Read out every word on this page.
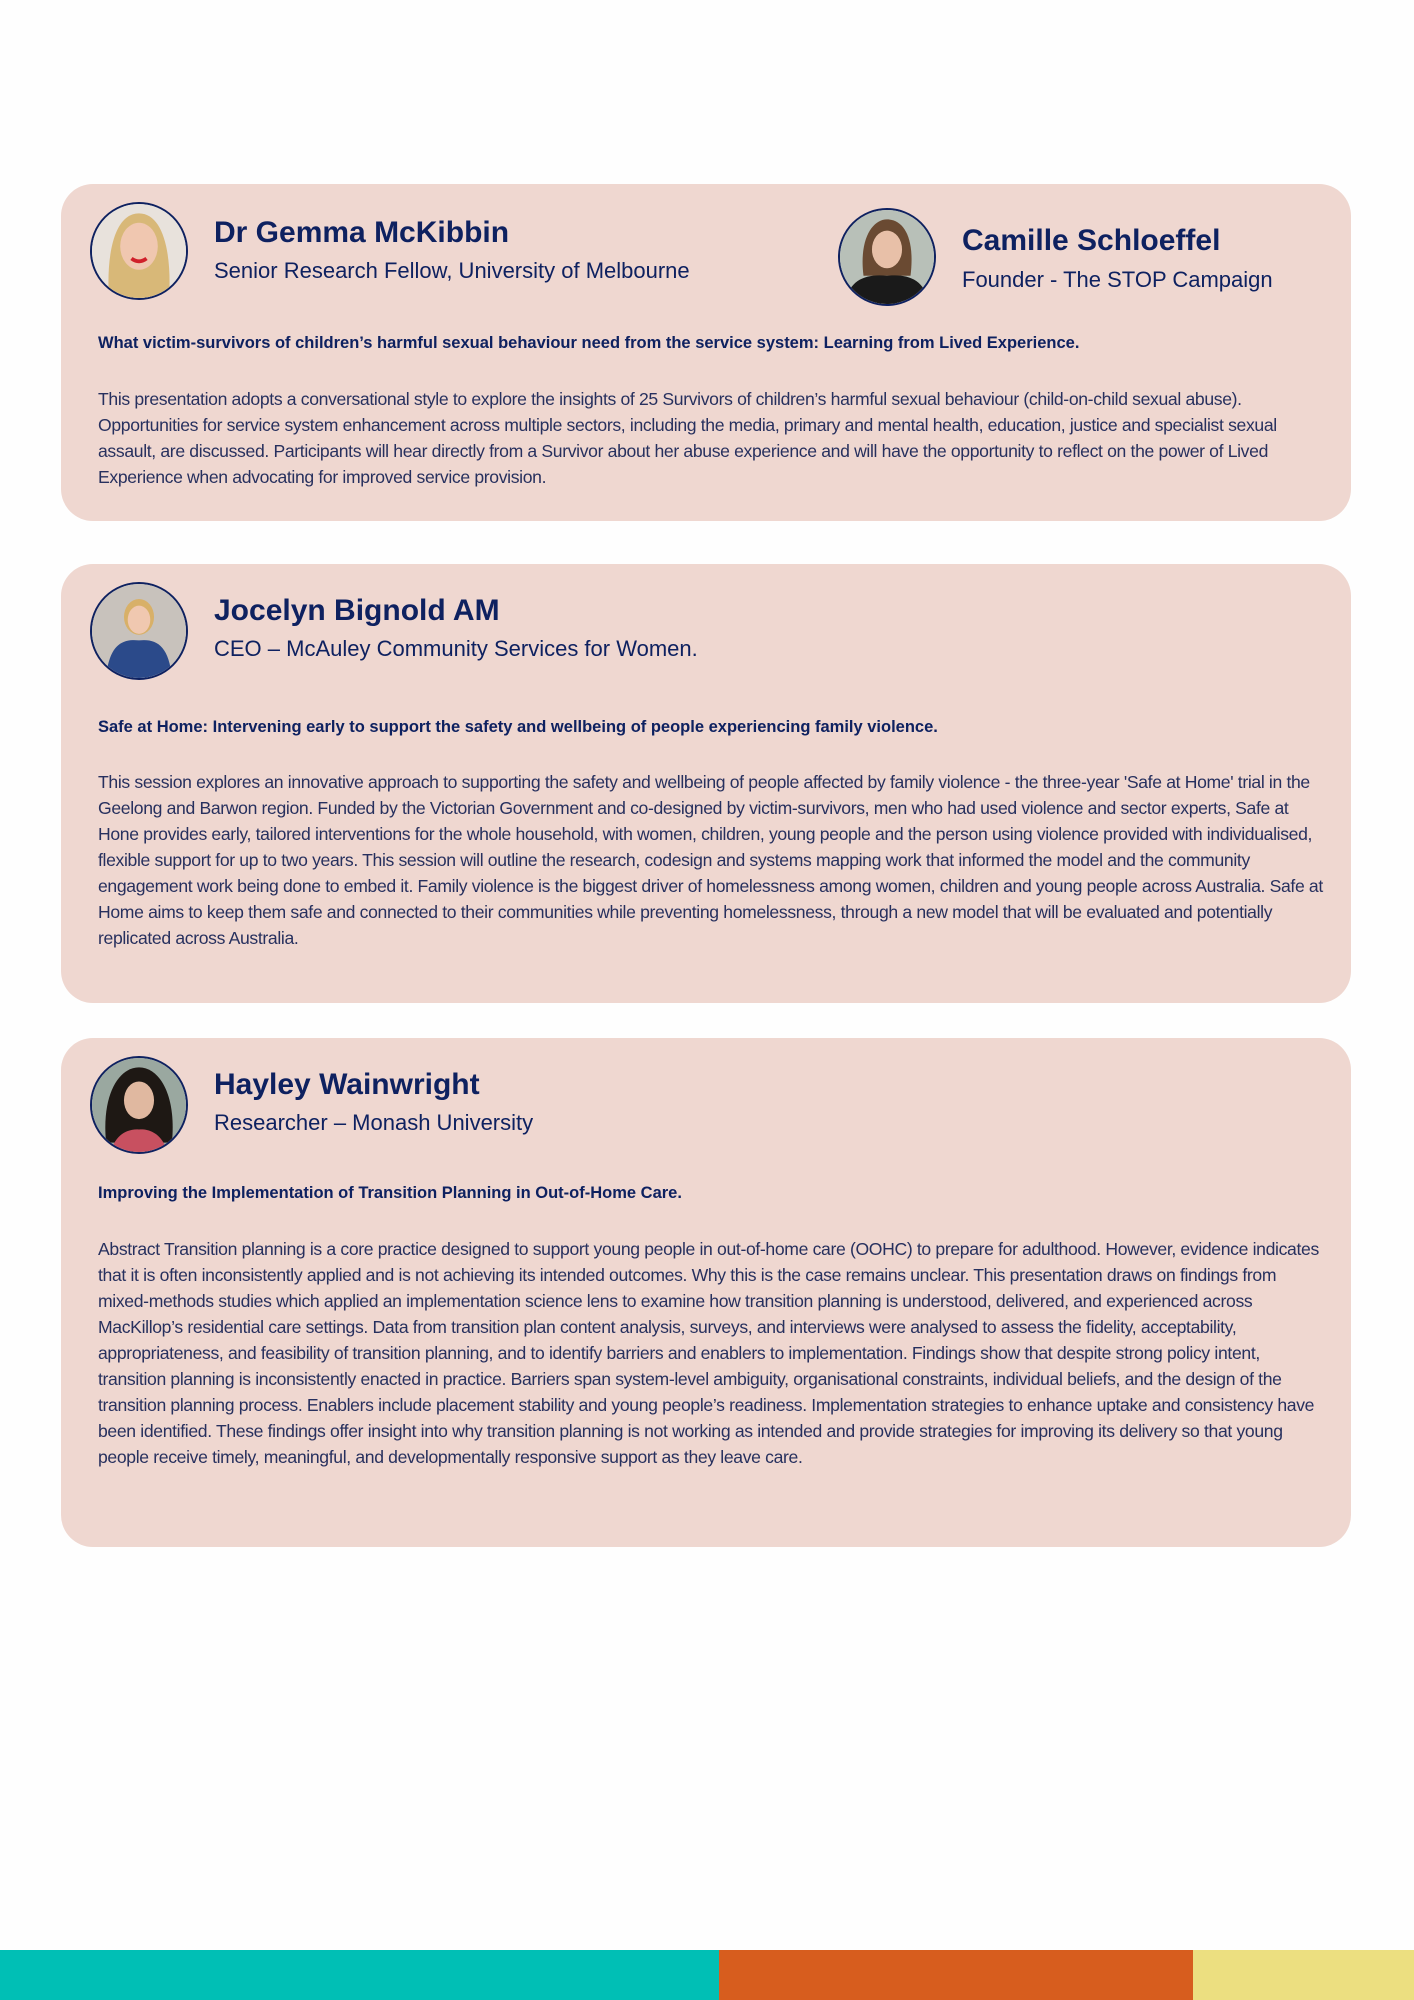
Dr Gemma McKibbin
Senior Research Fellow, University of Melbourne
Camille Schloeffel
Founder - The STOP Campaign
What victim-survivors of children’s harmful sexual behaviour need from the service system: Learning from Lived Experience.
This presentation adopts a conversational style to explore the insights of 25 Survivors of children’s harmful sexual behaviour (child-on-child sexual abuse). Opportunities for service system enhancement across multiple sectors, including the media, primary and mental health, education, justice and specialist sexual assault, are discussed. Participants will hear directly from a Survivor about her abuse experience and will have the opportunity to reflect on the power of Lived Experience when advocating for improved service provision.
Jocelyn Bignold AM
CEO – McAuley Community Services for Women.
Safe at Home: Intervening early to support the safety and wellbeing of people experiencing family violence.
This session explores an innovative approach to supporting the safety and wellbeing of people affected by family violence - the three-year 'Safe at Home' trial in the Geelong and Barwon region. Funded by the Victorian Government and co-designed by victim-survivors, men who had used violence and sector experts, Safe at Hone provides early, tailored interventions for the whole household, with women, children, young people and the person using violence provided with individualised, flexible support for up to two years. This session will outline the research, codesign and systems mapping work that informed the model and the community engagement work being done to embed it. Family violence is the biggest driver of homelessness among women, children and young people across Australia. Safe at Home aims to keep them safe and connected to their communities while preventing homelessness, through a new model that will be evaluated and potentially replicated across Australia.
Hayley Wainwright
Researcher – Monash University
Improving the Implementation of Transition Planning in Out-of-Home Care.
Abstract Transition planning is a core practice designed to support young people in out-of-home care (OOHC) to prepare for adulthood. However, evidence indicates that it is often inconsistently applied and is not achieving its intended outcomes. Why this is the case remains unclear. This presentation draws on findings from mixed-methods studies which applied an implementation science lens to examine how transition planning is understood, delivered, and experienced across MacKillop’s residential care settings. Data from transition plan content analysis, surveys, and interviews were analysed to assess the fidelity, acceptability, appropriateness, and feasibility of transition planning, and to identify barriers and enablers to implementation. Findings show that despite strong policy intent, transition planning is inconsistently enacted in practice. Barriers span system-level ambiguity, organisational constraints, individual beliefs, and the design of the transition planning process. Enablers include placement stability and young people’s readiness. Implementation strategies to enhance uptake and consistency have been identified. These findings offer insight into why transition planning is not working as intended and provide strategies for improving its delivery so that young people receive timely, meaningful, and developmentally responsive support as they leave care.
